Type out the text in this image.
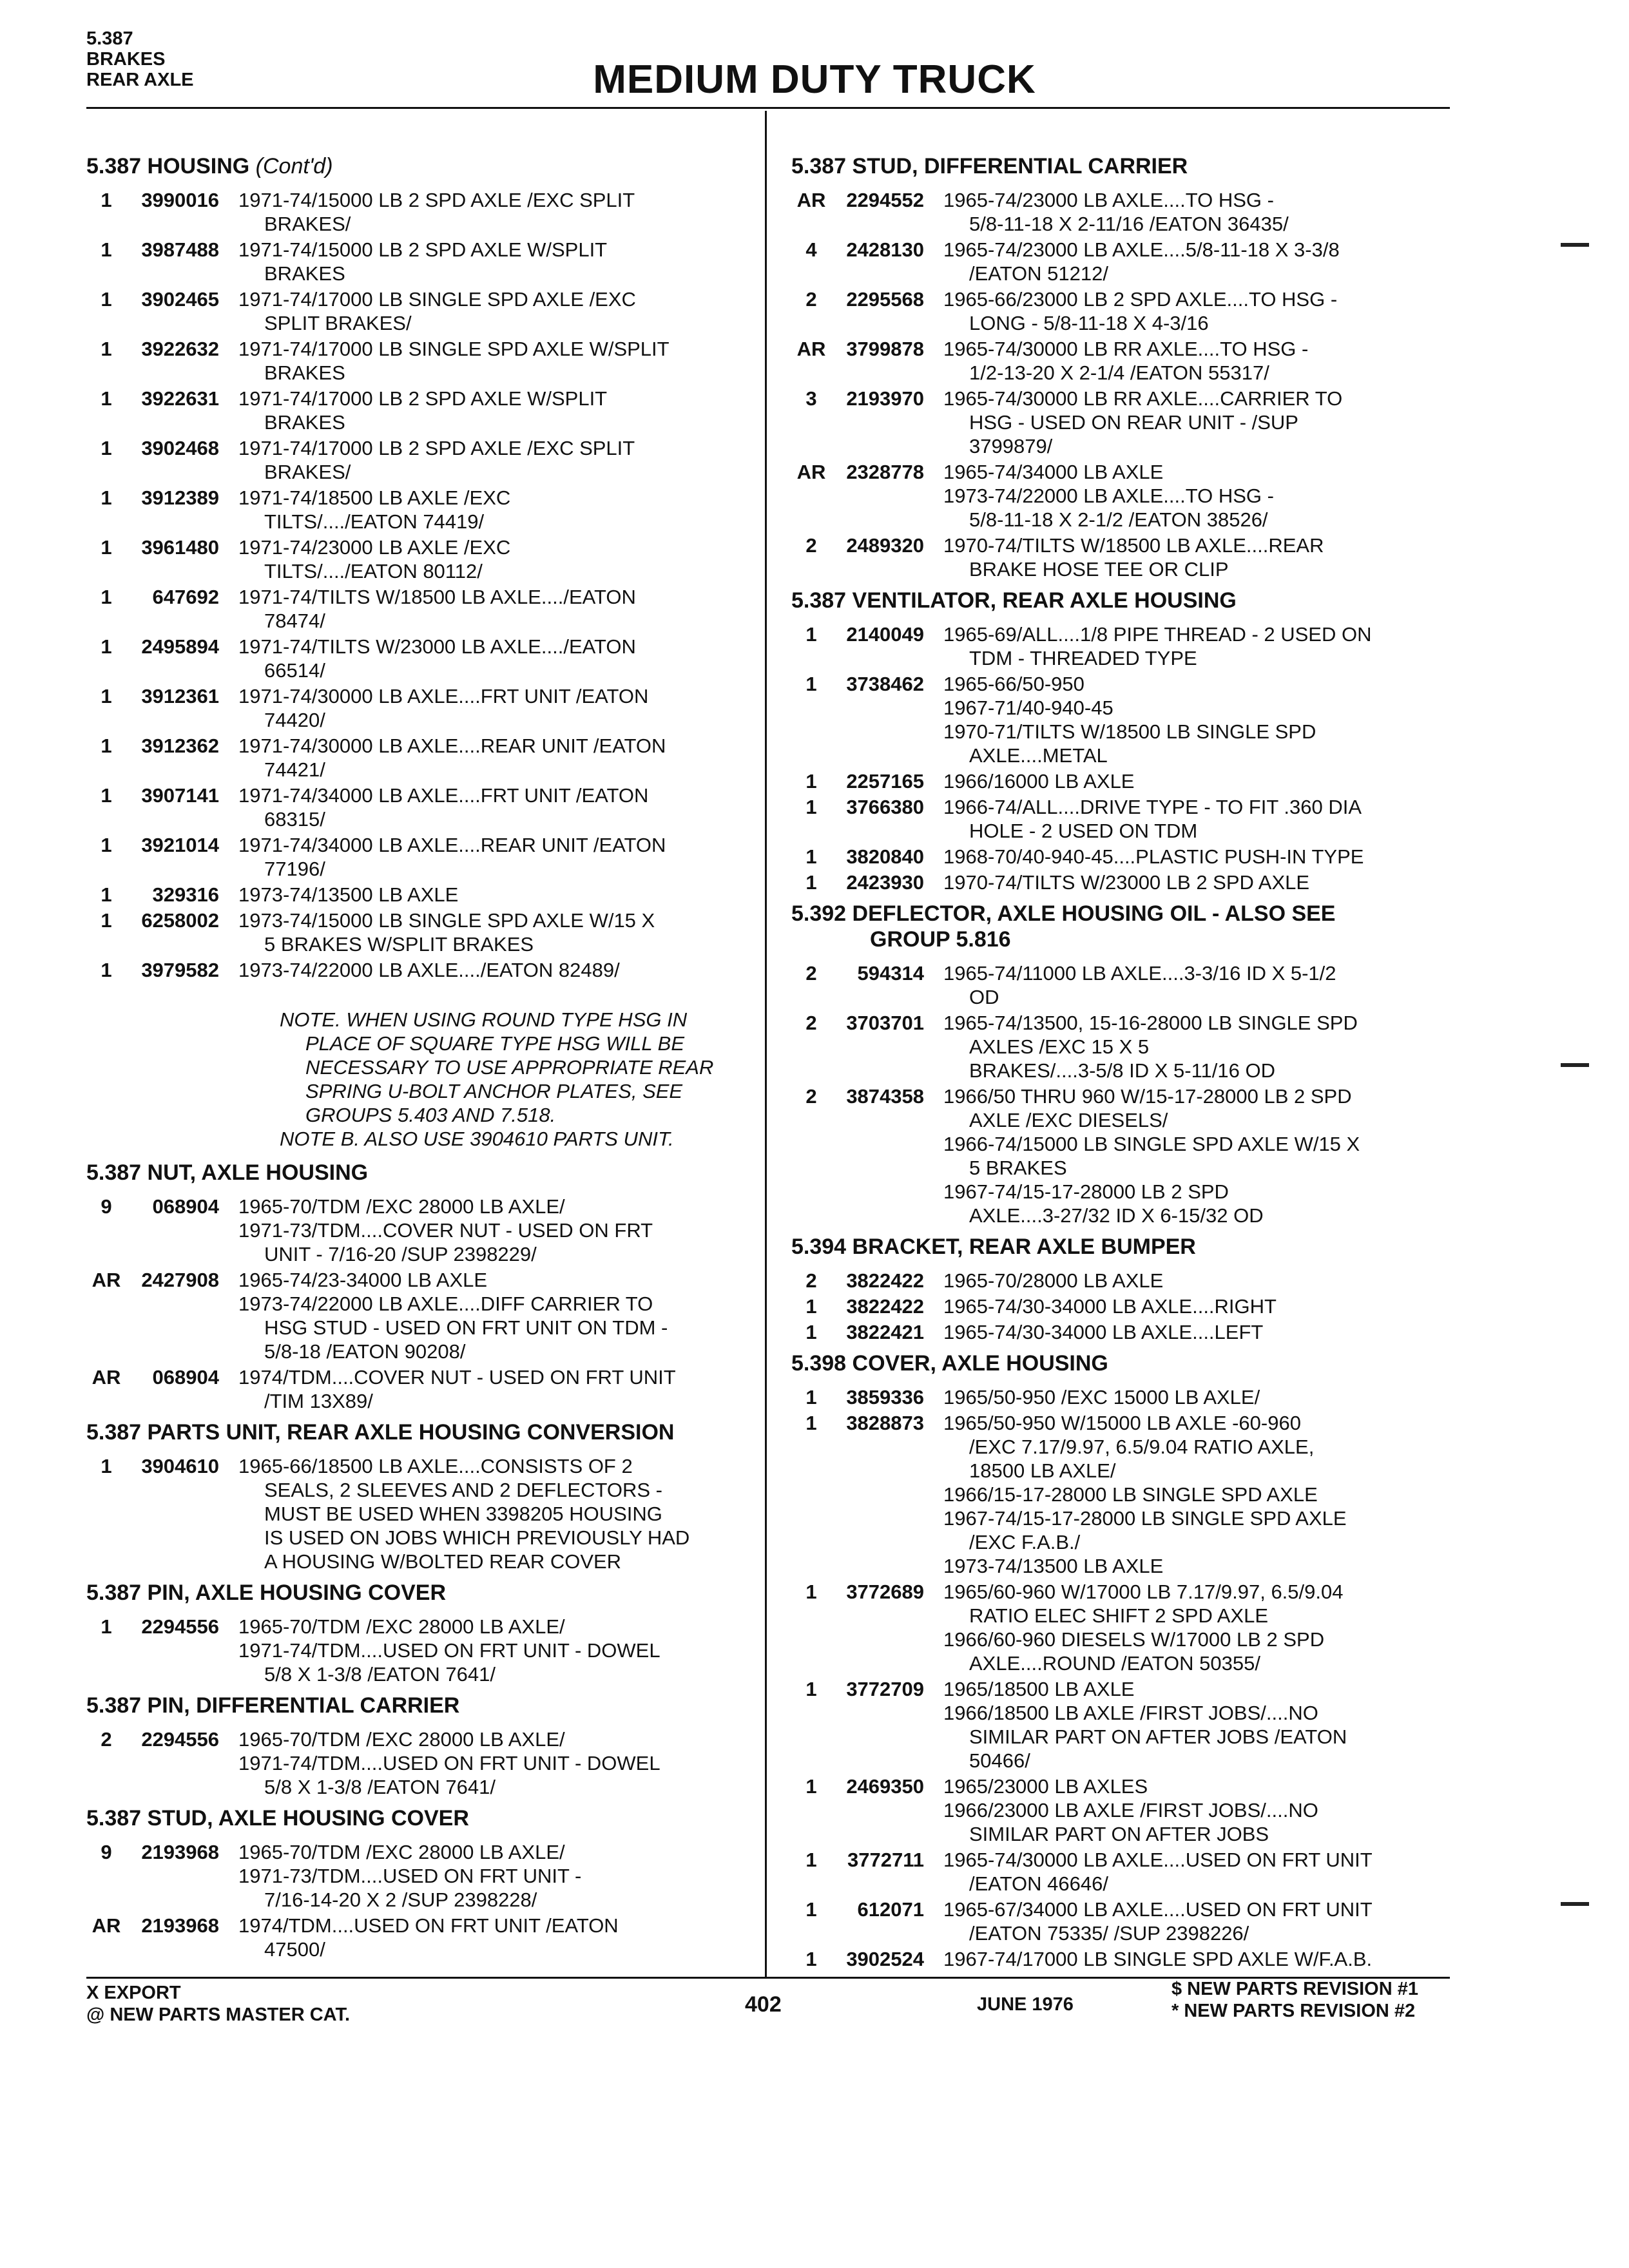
5.387
BRAKES
REAR AXLE	MEDIUM DUTY TRUCK
5.387 HOUSING (Cont'd)
1	3990016 1971-74/15000 LB 2 SPD AXLE /EXC SPLIT
BRAKES/
1	3987488 1971-74/15000 LB 2 SPD AXLE W/SPLIT
BRAKES
1	3902465 1971-74/17000 LB SINGLE SPD AXLE /EXC
SPLIT BRAKES/
1	3922632 1971-74/17000 LB SINGLE SPD AXLE W/SPLIT
BRAKES
1	3922631 1971-74/17000 LB 2 SPD AXLE W/SPLIT
BRAKES
1	3902468 1971-74/17000 LB 2 SPD AXLE /EXC SPLIT
BRAKES/
1	3912389 1971-74/18500 LB AXLE /EXC
TILTS/..../EATON 74419/
1	3961480 1971-74/23000 LB AXLE /EXC
TILTS/..../EATON 80112/
1	647692 1971-74/TILTS W/18500 LB AXLE..../EATON
78474/
1	2495894 1971-74/TILTS W/23000 LB AXLE..../EATON
66514/
1	3912361 1971-74/30000 LB AXLE....FRT UNIT /EATON
74420/
1	3912362 1971-74/30000 LB AXLE....REAR UNIT /EATON
74421/
1	3907141 1971-74/34000 LB AXLE....FRT UNIT /EATON
68315/
1	3921014 1971-74/34000 LB AXLE....REAR UNIT /EATON
77196/
1	329316 1973-74/13500 LB AXLE
1	6258002 1973-74/15000 LB SINGLE SPD AXLE W/15 X
5 BRAKES W/SPLIT BRAKES
1	3979582 1973-74/22000 LB AXLE..../EATON 82489/
NOTE. WHEN USING ROUND TYPE HSG IN
PLACE OF SQUARE TYPE HSG WILL BE
NECESSARY TO USE APPROPRIATE REAR
SPRING U-BOLT ANCHOR PLATES, SEE
GROUPS 5.403 AND 7.518.
NOTE B. ALSO USE 3904610 PARTS UNIT.
5.387 NUT, AXLE HOUSING
9	068904 1965-70/TDM /EXC 28000 LB AXLE/
1971-73/TDM....COVER NUT - USED ON FRT
UNIT - 7/16-20 /SUP 2398229/
AR	2427908 1965-74/23-34000 LB AXLE
1973-74/22000 LB AXLE....DIFF CARRIER TO
HSG STUD - USED ON FRT UNIT ON TDM -
5/8-18 /EATON 90208/
AR	068904 1974/TDM....COVER NUT - USED ON FRT UNIT
/TIM 13X89/
5.387 PARTS UNIT, REAR AXLE HOUSING CONVERSION
1	3904610 1965-66/18500 LB AXLE....CONSISTS OF 2
SEALS, 2 SLEEVES AND 2 DEFLECTORS -
MUST BE USED WHEN 3398205 HOUSING
IS USED ON JOBS WHICH PREVIOUSLY HAD
A HOUSING W/BOLTED REAR COVER
5.387 PIN, AXLE HOUSING COVER
1	2294556 1965-70/TDM /EXC 28000 LB AXLE/
1971-74/TDM....USED ON FRT UNIT - DOWEL
5/8 X 1-3/8 /EATON 7641/
5.387 PIN, DIFFERENTIAL CARRIER
2	2294556 1965-70/TDM /EXC 28000 LB AXLE/
1971-74/TDM....USED ON FRT UNIT - DOWEL
5/8 X 1-3/8 /EATON 7641/
5.387 STUD, AXLE HOUSING COVER
9	2193968 1965-70/TDM /EXC 28000 LB AXLE/
1971-73/TDM....USED ON FRT UNIT -
7/16-14-20 X 2 /SUP 2398228/
AR	2193968 1974/TDM....USED ON FRT UNIT /EATON
47500/
5.387 STUD, DIFFERENTIAL CARRIER
AR	2294552 1965-74/23000 LB AXLE....TO HSG -
5/8-11-18 X 2-11/16 /EATON 36435/
4	2428130 1965-74/23000 LB AXLE....5/8-11-18 X 3-3/8
/EATON 51212/
2	2295568 1965-66/23000 LB 2 SPD AXLE....TO HSG -
LONG - 5/8-11-18 X 4-3/16
AR	3799878 1965-74/30000 LB RR AXLE....TO HSG -
1/2-13-20 X 2-1/4 /EATON 55317/
3	2193970 1965-74/30000 LB RR AXLE....CARRIER TO
HSG - USED ON REAR UNIT - /SUP
3799879/
AR	2328778 1965-74/34000 LB AXLE
1973-74/22000 LB AXLE....TO HSG -
5/8-11-18 X 2-1/2 /EATON 38526/
2	2489320 1970-74/TILTS W/18500 LB AXLE....REAR
BRAKE HOSE TEE OR CLIP
5.387 VENTILATOR, REAR AXLE HOUSING
1	2140049 1965-69/ALL....1/8 PIPE THREAD - 2 USED ON
TDM - THREADED TYPE
1	3738462 1965-66/50-950
1967-71/40-940-45
1970-71/TILTS W/18500 LB SINGLE SPD
AXLE....METAL
1	2257165 1966/16000 LB AXLE
1	3766380 1966-74/ALL....DRIVE TYPE - TO FIT .360 DIA
HOLE - 2 USED ON TDM
1	3820840 1968-70/40-940-45....PLASTIC PUSH-IN TYPE
1	2423930 1970-74/TILTS W/23000 LB 2 SPD AXLE
5.392 DEFLECTOR, AXLE HOUSING OIL - ALSO SEE
GROUP 5.816
2	594314 1965-74/11000 LB AXLE....3-3/16 ID X 5-1/2
OD
2	3703701 1965-74/13500, 15-16-28000 LB SINGLE SPD
AXLES /EXC 15 X 5
BRAKES/....3-5/8 ID X 5-11/16 OD
2	3874358 1966/50 THRU 960 W/15-17-28000 LB 2 SPD
AXLE /EXC DIESELS/
1966-74/15000 LB SINGLE SPD AXLE W/15 X
5 BRAKES
1967-74/15-17-28000 LB 2 SPD
AXLE....3-27/32 ID X 6-15/32 OD
5.394 BRACKET, REAR AXLE BUMPER
2	3822422 1965-70/28000 LB AXLE
1	3822422 1965-74/30-34000 LB AXLE....RIGHT
1	3822421 1965-74/30-34000 LB AXLE....LEFT
5.398 COVER, AXLE HOUSING
1	3859336 1965/50-950 /EXC 15000 LB AXLE/
1	3828873 1965/50-950 W/15000 LB AXLE -60-960
/EXC 7.17/9.97, 6.5/9.04 RATIO AXLE,
18500 LB AXLE/
1966/15-17-28000 LB SINGLE SPD AXLE
1967-74/15-17-28000 LB SINGLE SPD AXLE
/EXC F.A.B./
1973-74/13500 LB AXLE
1	3772689 1965/60-960 W/17000 LB 7.17/9.97, 6.5/9.04
RATIO ELEC SHIFT 2 SPD AXLE
1966/60-960 DIESELS W/17000 LB 2 SPD
AXLE....ROUND /EATON 50355/
1	3772709 1965/18500 LB AXLE
1966/18500 LB AXLE /FIRST JOBS/....NO
SIMILAR PART ON AFTER JOBS /EATON
50466/
1	2469350 1965/23000 LB AXLES
1966/23000 LB AXLE /FIRST JOBS/....NO
SIMILAR PART ON AFTER JOBS
1	3772711 1965-74/30000 LB AXLE....USED ON FRT UNIT
/EATON 46646/
1	612071 1965-67/34000 LB AXLE....USED ON FRT UNIT
/EATON 75335/ /SUP 2398226/
1	3902524 1967-74/17000 LB SINGLE SPD AXLE W/F.A.B.
X EXPORT
@ NEW PARTS MASTER CAT.	402	JUNE 1976
$ NEW PARTS REVISION #1
* NEW PARTS REVISION #2
